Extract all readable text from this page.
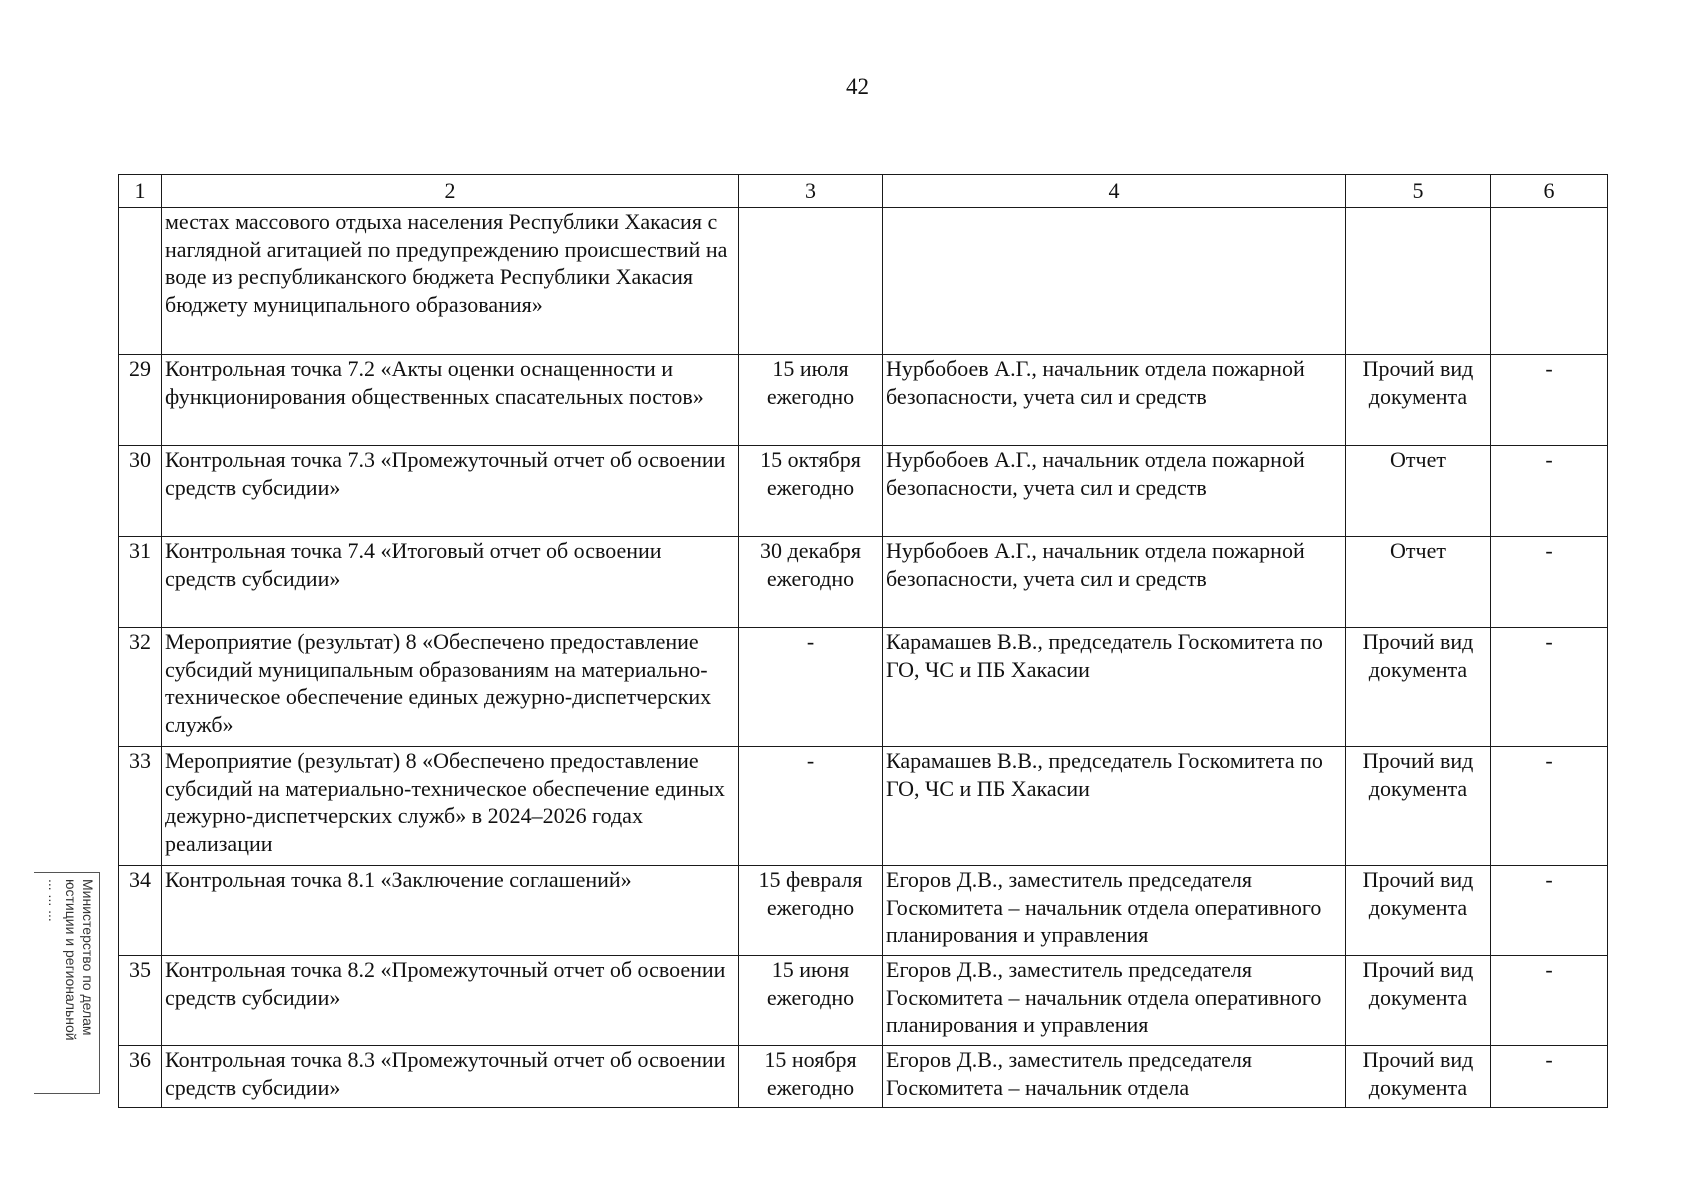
42
1	2	3	4	5	6
	местах массового отдыха населения Республики Хакасия с наглядной агитацией по предупреждению происшествий на воде из республиканского бюджета Республики Хакасия бюджету муниципального образования»				
29	Контрольная точка 7.2 «Акты оценки оснащенности и функционирования общественных спасательных постов»	15 июля ежегодно	Нурбобоев А.Г., начальник отдела пожарной безопасности, учета сил и средств	Прочий вид документа	-
30	Контрольная точка 7.3 «Промежуточный отчет об освоении средств субсидии»	15 октября ежегодно	Нурбобоев А.Г., начальник отдела пожарной безопасности, учета сил и средств	Отчет	-
31	Контрольная точка 7.4 «Итоговый отчет об освоении средств субсидии»	30 декабря ежегодно	Нурбобоев А.Г., начальник отдела пожарной безопасности, учета сил и средств	Отчет	-
32	Мероприятие (результат) 8 «Обеспечено предоставление субсидий муниципальным образованиям на материально-техническое обеспечение единых дежурно-диспетчерских служб»	-	Карамашев В.В., председатель Госкомитета по ГО, ЧС и ПБ Хакасии	Прочий вид документа	-
33	Мероприятие (результат) 8 «Обеспечено предоставление субсидий на материально-техническое обеспечение единых дежурно-диспетчерских служб» в 2024–2026 годах реализации	-	Карамашев В.В., председатель Госкомитета по ГО, ЧС и ПБ Хакасии	Прочий вид документа	-
34	Контрольная точка 8.1 «Заключение соглашений»	15 февраля ежегодно	Егоров Д.В., заместитель председателя Госкомитета – начальник отдела оперативного планирования и управления	Прочий вид документа	-
35	Контрольная точка 8.2 «Промежуточный отчет об освоении средств субсидии»	15 июня ежегодно	Егоров Д.В., заместитель председателя Госкомитета – начальник отдела оперативного планирования и управления	Прочий вид документа	-
36	Контрольная точка 8.3 «Промежуточный отчет об освоении средств субсидии»	15 ноября ежегодно	Егоров Д.В., заместитель председателя Госкомитета – начальник отдела	Прочий вид документа	-
Министерство по делам
юстиции и региональной
... ... ...
